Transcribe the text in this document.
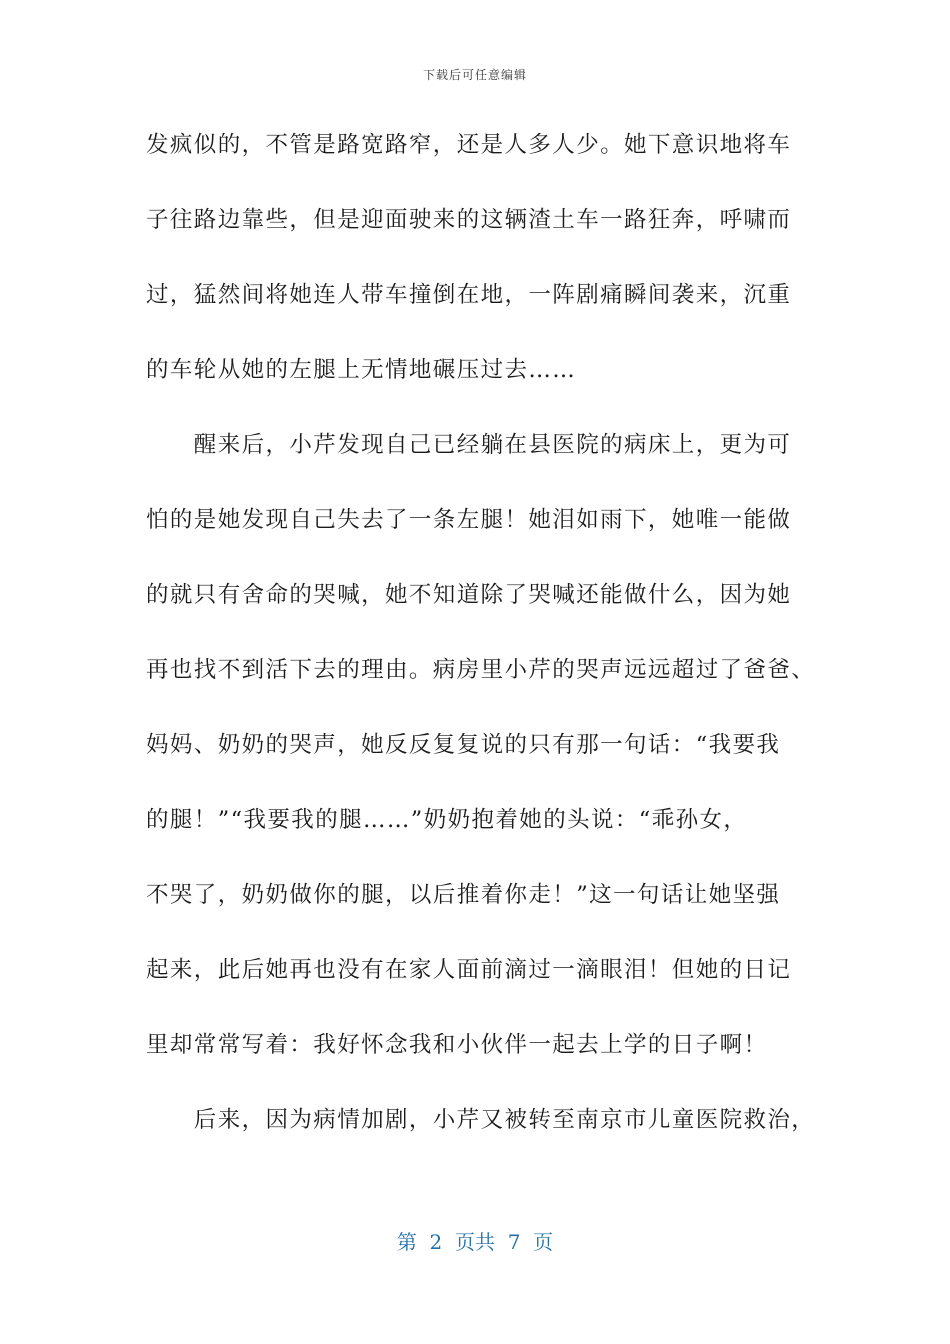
下载后可任意编辑
发疯似的，不管是路宽路窄，还是人多人少。她下意识地将车
子往路边靠些，但是迎面驶来的这辆渣土车一路狂奔，呼啸而
过，猛然间将她连人带车撞倒在地，一阵剧痛瞬间袭来，沉重
的车轮从她的左腿上无情地碾压过去……
　　醒来后，小芹发现自己已经躺在县医院的病床上，更为可
怕的是她发现自己失去了一条左腿！她泪如雨下，她唯一能做
的就只有舍命的哭喊，她不知道除了哭喊还能做什么，因为她
再也找不到活下去的理由。病房里小芹的哭声远远超过了爸爸、
妈妈、奶奶的哭声，她反反复复说的只有那一句话：“我要我
的腿！”“我要我的腿……”奶奶抱着她的头说：“乖孙女，
不哭了，奶奶做你的腿，以后推着你走！”这一句话让她坚强
起来，此后她再也没有在家人面前滴过一滴眼泪！但她的日记
里却常常写着：我好怀念我和小伙伴一起去上学的日子啊！
　　后来，因为病情加剧，小芹又被转至南京市儿童医院救治，
第  2  页共  7  页
